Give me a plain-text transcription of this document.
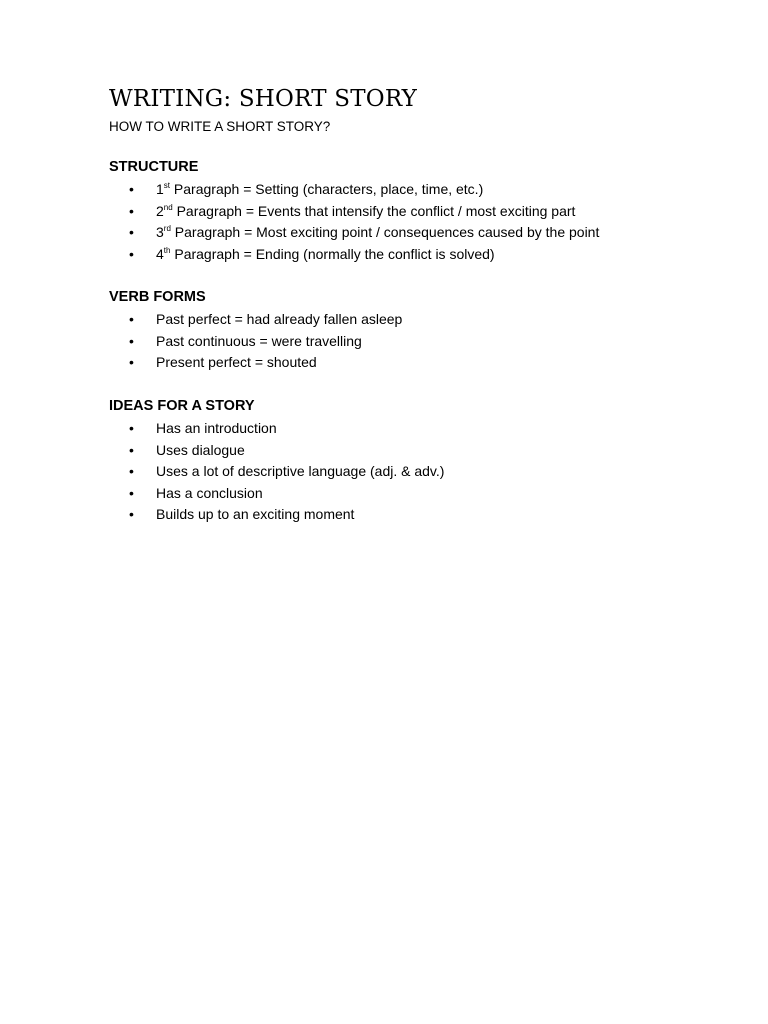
WRITING: SHORT STORY
HOW TO WRITE A SHORT STORY?
STRUCTURE
• 1st Paragraph = Setting (characters, place, time, etc.)
• 2nd Paragraph = Events that intensify the conflict / most exciting part
• 3rd Paragraph = Most exciting point / consequences caused by the point
• 4th Paragraph = Ending (normally the conflict is solved)
VERB FORMS
• Past perfect = had already fallen asleep
• Past continuous = were travelling
• Present perfect = shouted
IDEAS FOR A STORY
• Has an introduction
• Uses dialogue
• Uses a lot of descriptive language (adj. & adv.)
• Has a conclusion
• Builds up to an exciting moment
